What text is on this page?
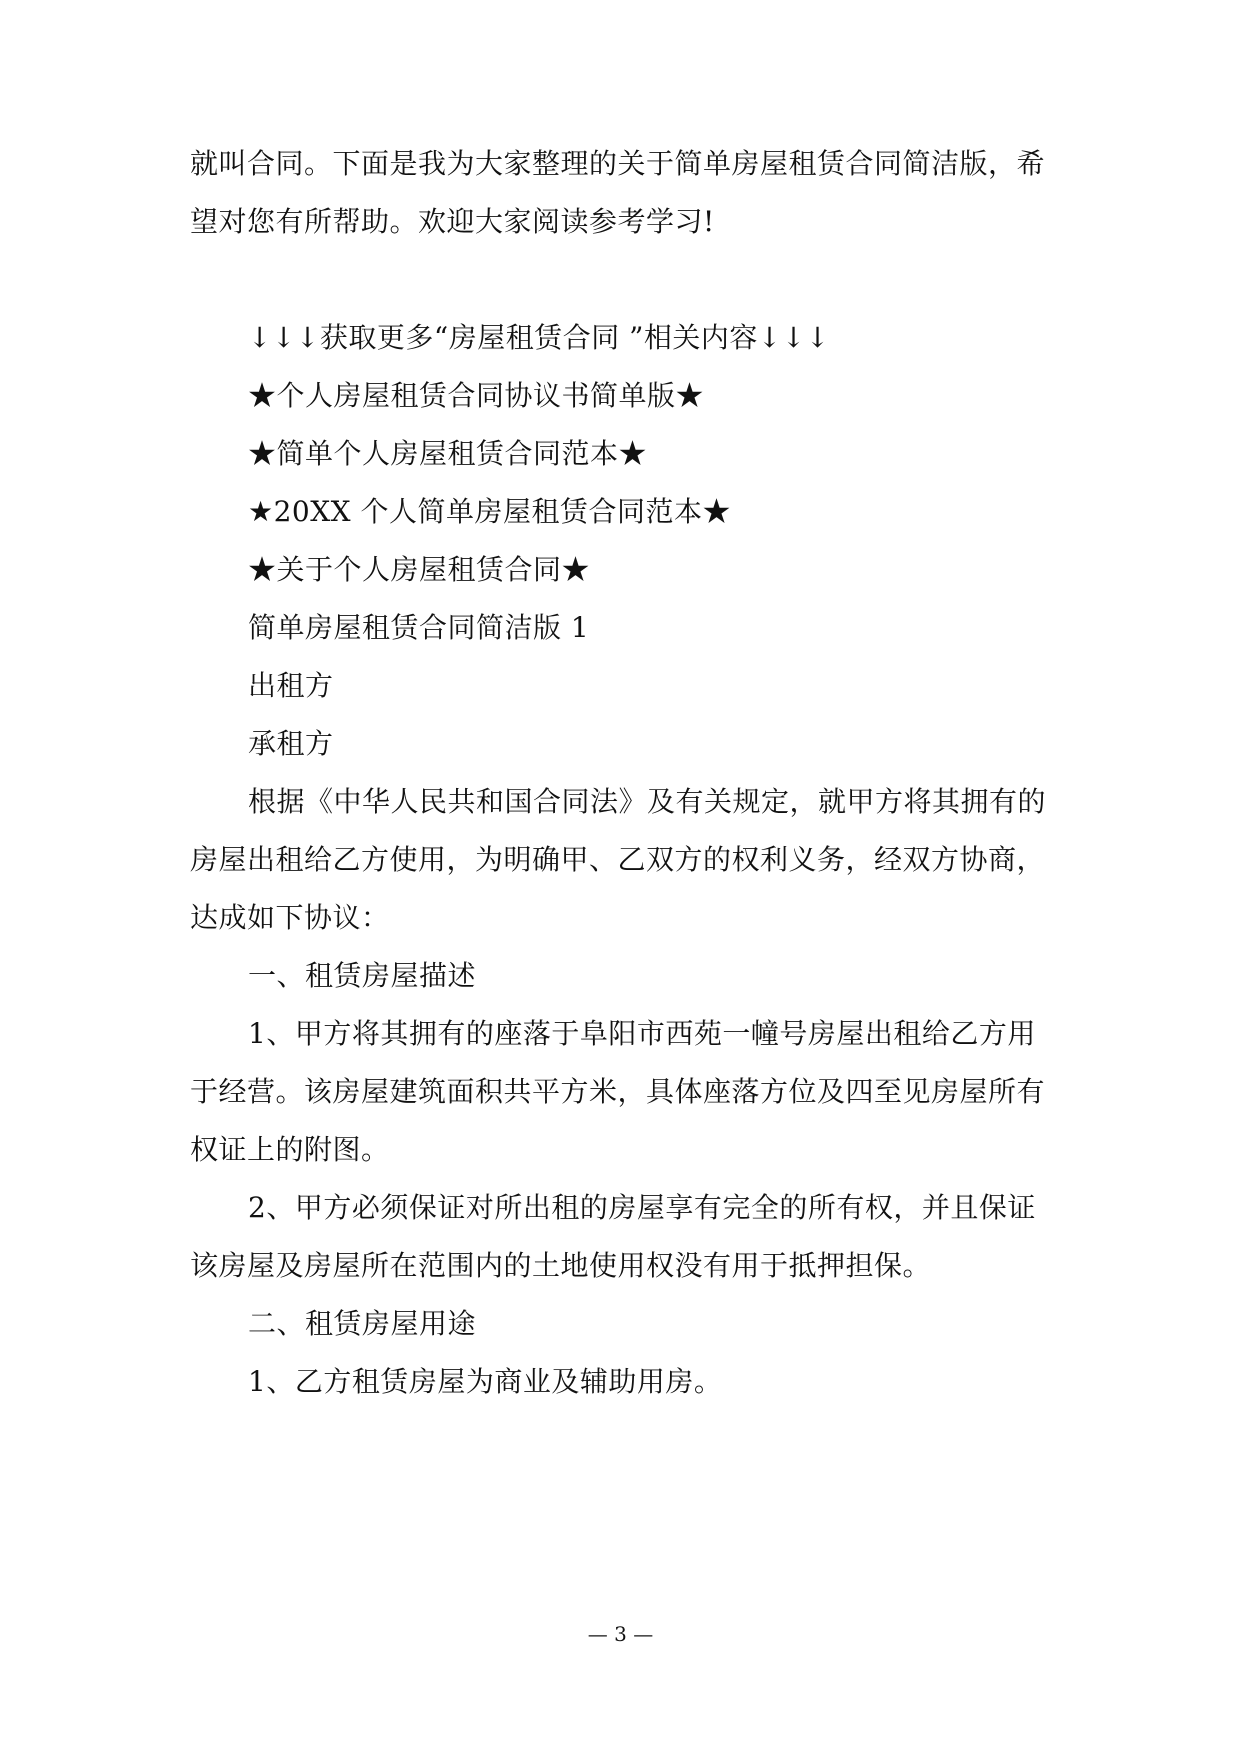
就叫合同。下面是我为大家整理的关于简单房屋租赁合同简洁版，希
望对您有所帮助。欢迎大家阅读参考学习!
↓↓↓获取更多“房屋租赁合同 ”相关内容↓↓↓
★个人房屋租赁合同协议书简单版★
★简单个人房屋租赁合同范本★
★20XX 个人简单房屋租赁合同范本★
★关于个人房屋租赁合同★
简单房屋租赁合同简洁版 1
出租方
承租方
根据《中华人民共和国合同法》及有关规定，就甲方将其拥有的
房屋出租给乙方使用，为明确甲、乙双方的权利义务，经双方协商，
达成如下协议：
一、租赁房屋描述
1、甲方将其拥有的座落于阜阳市西苑一幢号房屋出租给乙方用
于经营。该房屋建筑面积共平方米，具体座落方位及四至见房屋所有
权证上的附图。
2、甲方必须保证对所出租的房屋享有完全的所有权，并且保证
该房屋及房屋所在范围内的土地使用权没有用于抵押担保。
二、租赁房屋用途
1、乙方租赁房屋为商业及辅助用房。
— 3 —
